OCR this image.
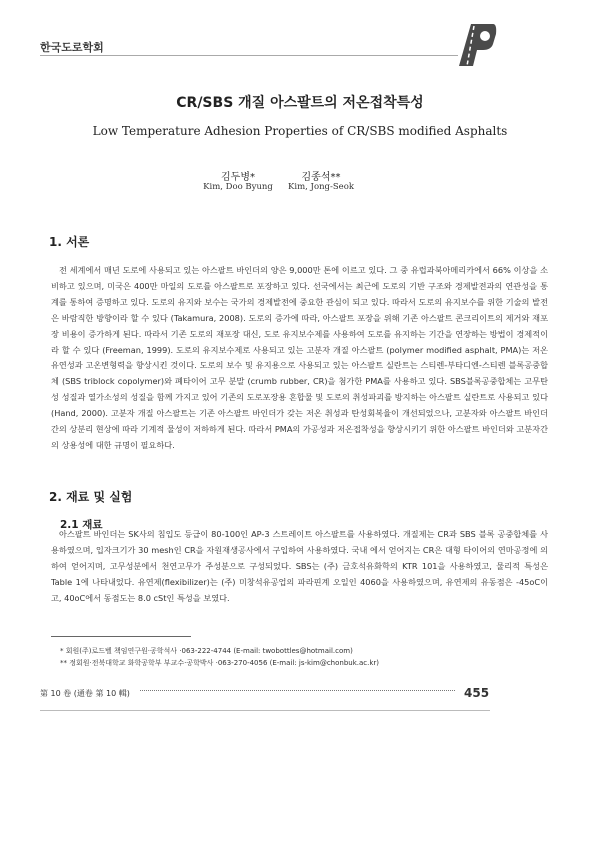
한국도로학회
CR/SBS 개질 아스팔트의 저온접착특성
Low Temperature Adhesion Properties of CR/SBS modified Asphalts
김두병*
Kim, Doo Byung
김종석**
Kim, Jong-Seok
1. 서론
전 세계에서 매년 도로에 사용되고 있는 아스팔트 바인더의 양은 9,000만 톤에 이르고 있다. 그 중 유럽과북아메리카에서 66% 이상을 소비하고 있으며, 미국은 400만 마일의 도로를 아스팔트로 포장하고 있다. 선국에서는 최근에 도로의 기반 구조와 경제발전과의 연관성을 통계를 통하여 증명하고 있다. 도로의 유지와 보수는 국가의 경제발전에 중요한 관심이 되고 있다. 따라서 도로의 유지보수를 위한 기술의 발전은 바람직한 방향이라 할 수 있다 (Takamura, 2008). 도로의 증가에 따라, 아스팔트 포장을 위해 기존 아스팔트 콘크리이트의 제거와 재포장 비용이 증가하게 된다. 따라서 기존 도로의 재포장 대신, 도로 유지보수제를 사용하여 도로를 유지하는 기간을 연장하는 방법이 경제적이라 할 수 있다 (Freeman, 1999). 도로의 유지보수제로 사용되고 있는 고분자 개질 아스팔트 (polymer modified asphalt, PMA)는 저온유연성과 고온변형력을 향상시킨 것이다. 도로의 보수 및 유지용으로 사용되고 있는 아스팔트 실란트는 스티렌-부타디엔-스티렌 블록공중합체 (SBS triblock copolymer)와 폐타이어 고무 분말 (crumb rubber, CR)을 첨가한 PMA를 사용하고 있다. SBS블록공중합체는 고무탄성 성질과 열가소성의 성질을 함께 가지고 있어 기존의 도로포장용 혼합물 및 도로의 취성파괴를 방지하는 아스팔트 실란트로 사용되고 있다 (Hand, 2000). 고분자 개질 아스팔트는 기존 아스팔트 바인더가 갖는 저온 취성과 탄성회복율이 개선되었으나, 고분자와 아스팔트 바인더간의 상분리 현상에 따라 기계적 물성이 저하하게 된다. 따라서 PMA의 가공성과 저온접착성을 향상시키기 위한 아스팔트 바인더와 고분자간의 상용성에 대한 규명이 필요하다.
2. 재료 및 실험
2.1 재료
아스팔트 바인더는 SK사의 침입도 등급이 80-100인 AP-3 스트레이트 아스팔트를 사용하였다. 개질제는 CR과 SBS 블록 공중합체를 사용하였으며, 입자크기가 30 mesh인 CR을 자원재생공사에서 구입하여 사용하였다. 국내 에서 얻어지는 CR은 대형 타이어의 연마공정에 의하여 얻어지며, 고무성분에서 천연고무가 주성분으로 구성되었다. SBS는 (주) 금호석유화학의 KTR 101을 사용하였고, 물리적 특성은 Table 1에 나타내었다. 유연제(flexibilizer)는 (주) 미창석유공업의 파라핀계 오일인 4060을 사용하였으며, 유연제의 유동점은 -45oC이고, 40oC에서 동점도는 8.0 cSt인 특성을 보였다.
* 회원(주)로드벨 책임연구원·공학석사 ·063-222-4744 (E-mail: twobottles@hotmail.com)
** 정회원·전북대학교 화학공학부 부교수·공학박사 ·063-270-4056 (E-mail: js-kim@chonbuk.ac.kr)
第 10 卷 (通卷 第 10 輯)	455
